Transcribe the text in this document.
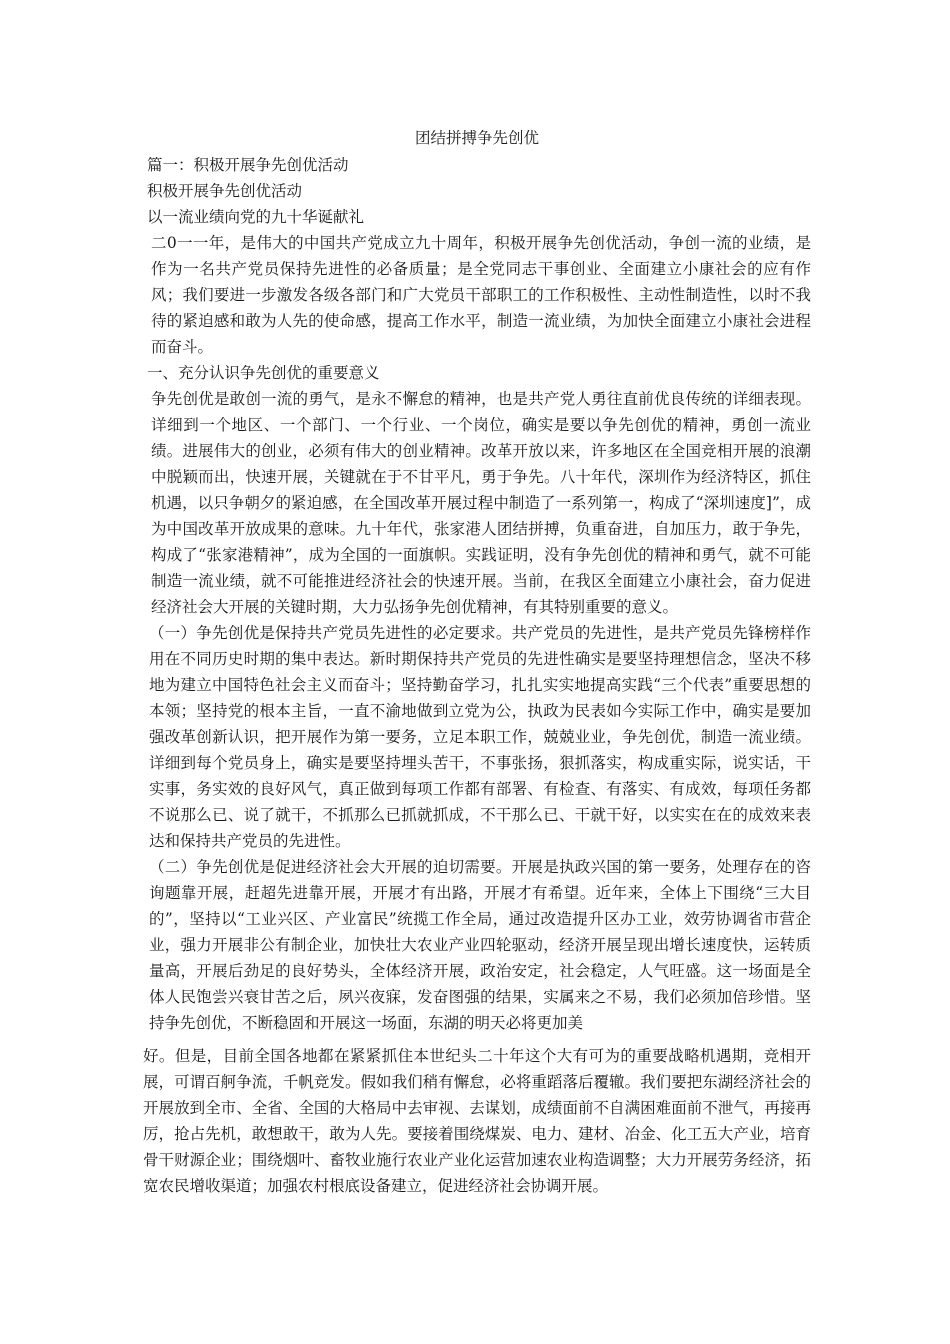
团结拼搏争先创优

篇一：积极开展争先创优活动

积极开展争先创优活动

以一流业绩向党的九十华诞献礼

二0一一年，是伟大的中国共产党成立九十周年，积极开展争先创优活动，争创一流的业绩，是作为一名共产党员保持先进性的必备质量；是全党同志干事创业、全面建立小康社会的应有作风；我们要进一步激发各级各部门和广大党员干部职工的工作积极性、主动性制造性，以时不我待的紧迫感和敢为人先的使命感，提高工作水平，制造一流业绩，为加快全面建立小康社会进程而奋斗。

一、充分认识争先创优的重要意义

争先创优是敢创一流的勇气，是永不懈怠的精神，也是共产党人勇往直前优良传统的详细表现。详细到一个地区、一个部门、一个行业、一个岗位，确实是要以争先创优的精神，勇创一流业绩。进展伟大的创业，必须有伟大的创业精神。改革开放以来，许多地区在全国竞相开展的浪潮中脱颖而出，快速开展，关键就在于不甘平凡，勇于争先。八十年代，深圳作为经济特区，抓住机遇，以只争朝夕的紧迫感，在全国改革开展过程中制造了一系列第一，构成了“深圳速度]”，成为中国改革开放成果的意味。九十年代，张家港人团结拼搏，负重奋进，自加压力，敢于争先，构成了“张家港精神”，成为全国的一面旗帜。实践证明，没有争先创优的精神和勇气，就不可能制造一流业绩，就不可能推进经济社会的快速开展。当前，在我区全面建立小康社会，奋力促进经济社会大开展的关键时期，大力弘扬争先创优精神，有其特别重要的意义。

（一）争先创优是保持共产党员先进性的必定要求。共产党员的先进性，是共产党员先锋榜样作用在不同历史时期的集中表达。新时期保持共产党员的先进性确实是要坚持理想信念，坚决不移地为建立中国特色社会主义而奋斗；坚持勤奋学习，扎扎实实地提高实践“三个代表”重要思想的本领；坚持党的根本主旨，一直不渝地做到立党为公，执政为民表如今实际工作中，确实是要加强改革创新认识，把开展作为第一要务，立足本职工作，兢兢业业，争先创优，制造一流业绩。详细到每个党员身上，确实是要坚持埋头苦干，不事张扬，狠抓落实，构成重实际，说实话，干实事，务实效的良好风气，真正做到每项工作都有部署、有检查、有落实、有成效，每项任务都不说那么已、说了就干，不抓那么已抓就抓成，不干那么已、干就干好，以实实在在的成效来表达和保持共产党员的先进性。

（二）争先创优是促进经济社会大开展的迫切需要。开展是执政兴国的第一要务，处理存在的咨询题靠开展，赶超先进靠开展，开展才有出路，开展才有希望。近年来，全体上下围绕“三大目的”，坚持以“工业兴区、产业富民”统揽工作全局，通过改造提升区办工业，效劳协调省市营企业，强力开展非公有制企业，加快壮大农业产业四轮驱动，经济开展呈现出增长速度快，运转质量高，开展后劲足的良好势头，全体经济开展，政治安定，社会稳定，人气旺盛。这一场面是全体人民饱尝兴衰甘苦之后，夙兴夜寐，发奋图强的结果，实属来之不易，我们必须加倍珍惜。坚持争先创优，不断稳固和开展这一场面，东湖的明天必将更加美

好。但是，目前全国各地都在紧紧抓住本世纪头二十年这个大有可为的重要战略机遇期，竞相开展，可谓百舸争流，千帆竞发。假如我们稍有懈怠，必将重蹈落后覆辙。我们要把东湖经济社会的开展放到全市、全省、全国的大格局中去审视、去谋划，成绩面前不自满困难面前不泄气，再接再厉，抢占先机，敢想敢干，敢为人先。要接着围绕煤炭、电力、建材、冶金、化工五大产业，培育骨干财源企业；围绕烟叶、畜牧业施行农业产业化运营加速农业构造调整；大力开展劳务经济，拓宽农民增收渠道；加强农村根底设备建立，促进经济社会协调开展。
